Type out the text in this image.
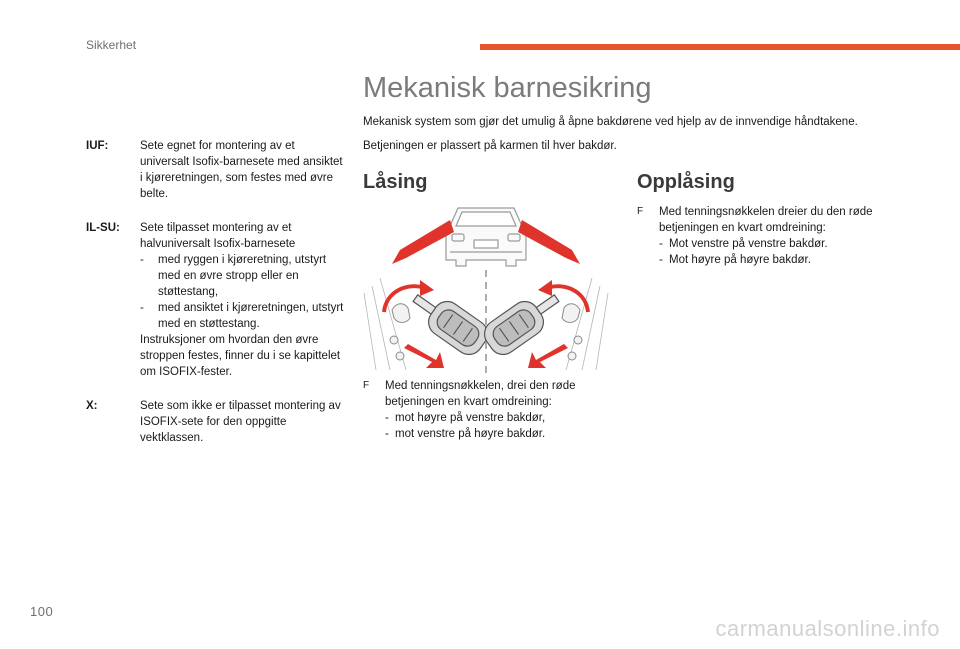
Sikkerhet
IUF:	Sete egnet for montering av et universalt Isofix-barnesete med ansiktet i kjøreretningen, som festes med øvre belte.
IL-SU:	Sete tilpasset montering av et halvuniversalt Isofix-barnesete
-	med ryggen i kjøreretning, utstyrt med en øvre stropp eller en støttestang,
-	med ansiktet i kjøreretningen, utstyrt med en støttestang.
Instruksjoner om hvordan den øvre stroppen festes, finner du i se kapittelet om ISOFIX-fester.
X:	Sete som ikke er tilpasset montering av ISOFIX-sete for den oppgitte vektklassen.
Mekanisk barnesikring
Mekanisk system som gjør det umulig å åpne bakdørene ved hjelp av de innvendige håndtakene.
Betjeningen er plassert på karmen til hver bakdør.
Låsing	Opplåsing
F	Med tenningsnøkkelen, drei den røde betjeningen en kvart omdreining:
- mot høyre på venstre bakdør,
- mot venstre på høyre bakdør.
F	Med tenningsnøkkelen dreier du den røde betjeningen en kvart omdreining:
- Mot venstre på venstre bakdør.
- Mot høyre på høyre bakdør.
100
carmanualsonline.info
